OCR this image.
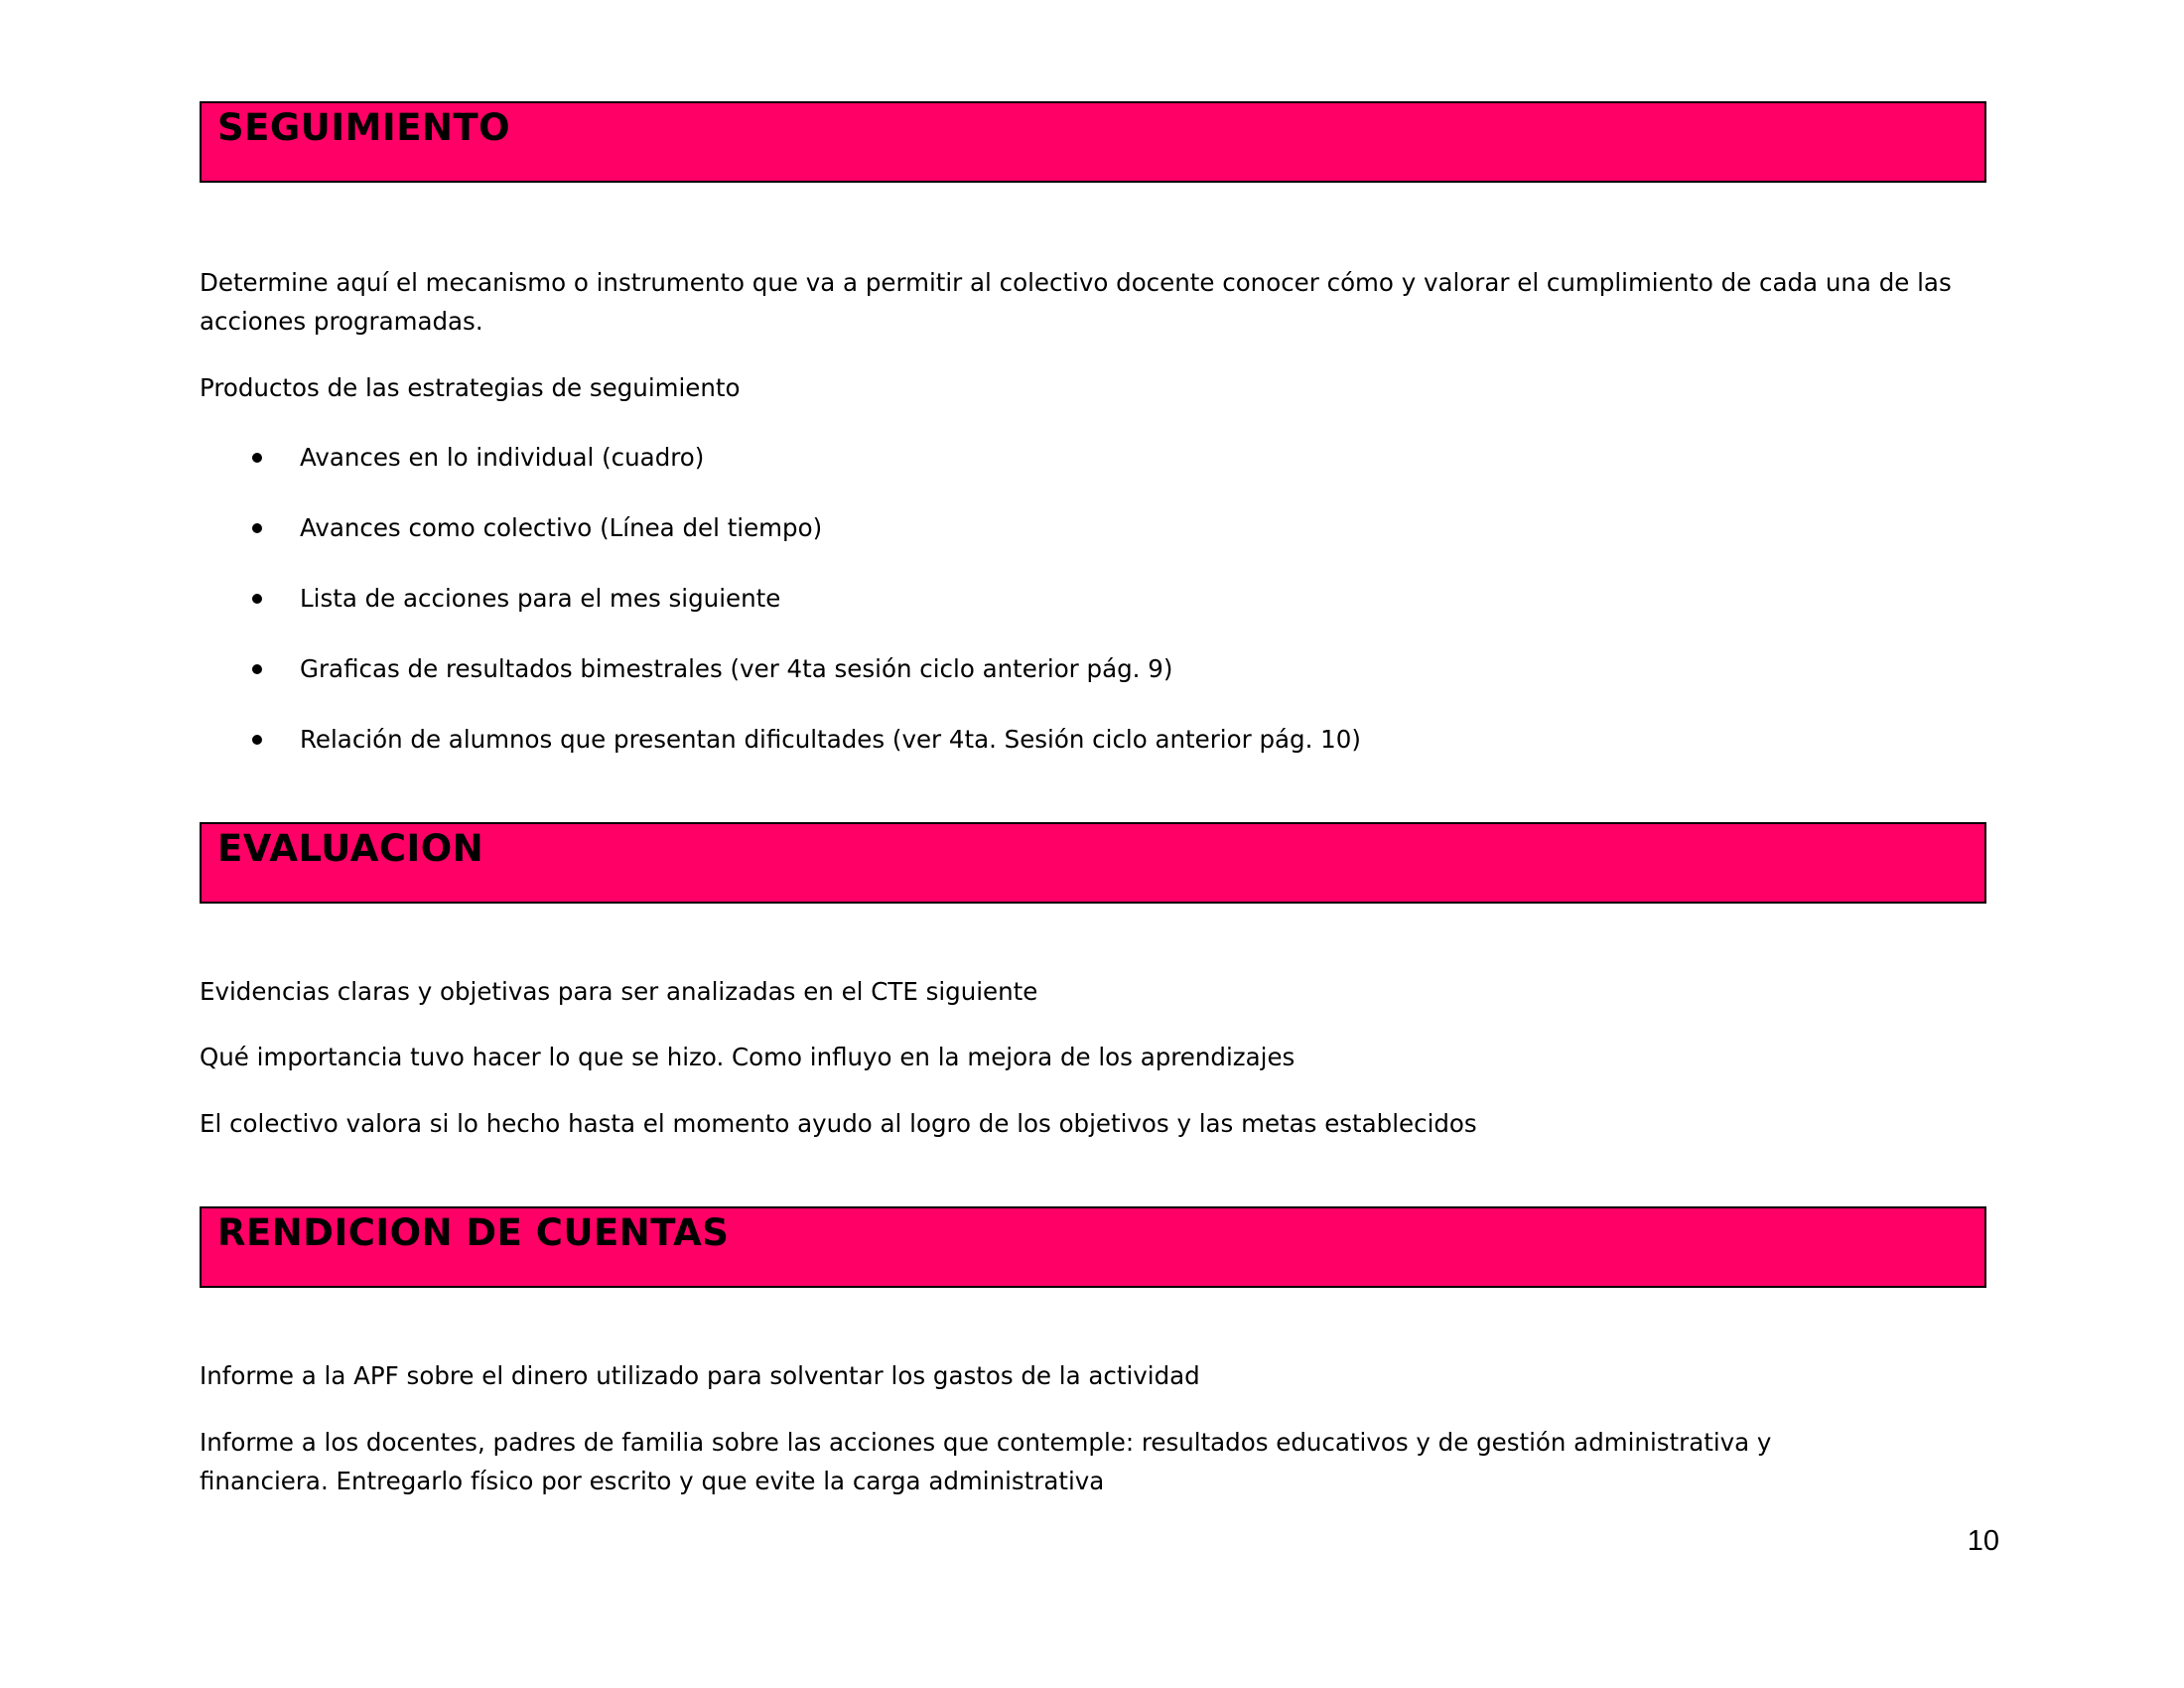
SEGUIMIENTO

Determine aquí el mecanismo o instrumento que va a permitir al colectivo docente conocer cómo y valorar el cumplimiento de cada una de las acciones programadas.

Productos de las estrategias de seguimiento

Avances en lo individual (cuadro)
Avances como colectivo (Línea del tiempo)
Lista de acciones para el mes siguiente
Graficas de resultados bimestrales (ver 4ta sesión ciclo anterior pág. 9)
Relación de alumnos que presentan dificultades (ver 4ta. Sesión ciclo anterior pág. 10)
EVALUACION

Evidencias claras y objetivas para ser analizadas en el CTE siguiente

Qué importancia tuvo hacer lo que se hizo. Como influyo en la mejora de los aprendizajes

El colectivo valora si lo hecho hasta el momento ayudo al logro de los objetivos y las metas establecidos

RENDICION DE CUENTAS

Informe a la APF sobre el dinero utilizado para solventar los gastos de la actividad

Informe a los docentes, padres de familia sobre las acciones que contemple: resultados educativos y de gestión administrativa y financiera. Entregarlo físico por escrito y que evite la carga administrativa

10
